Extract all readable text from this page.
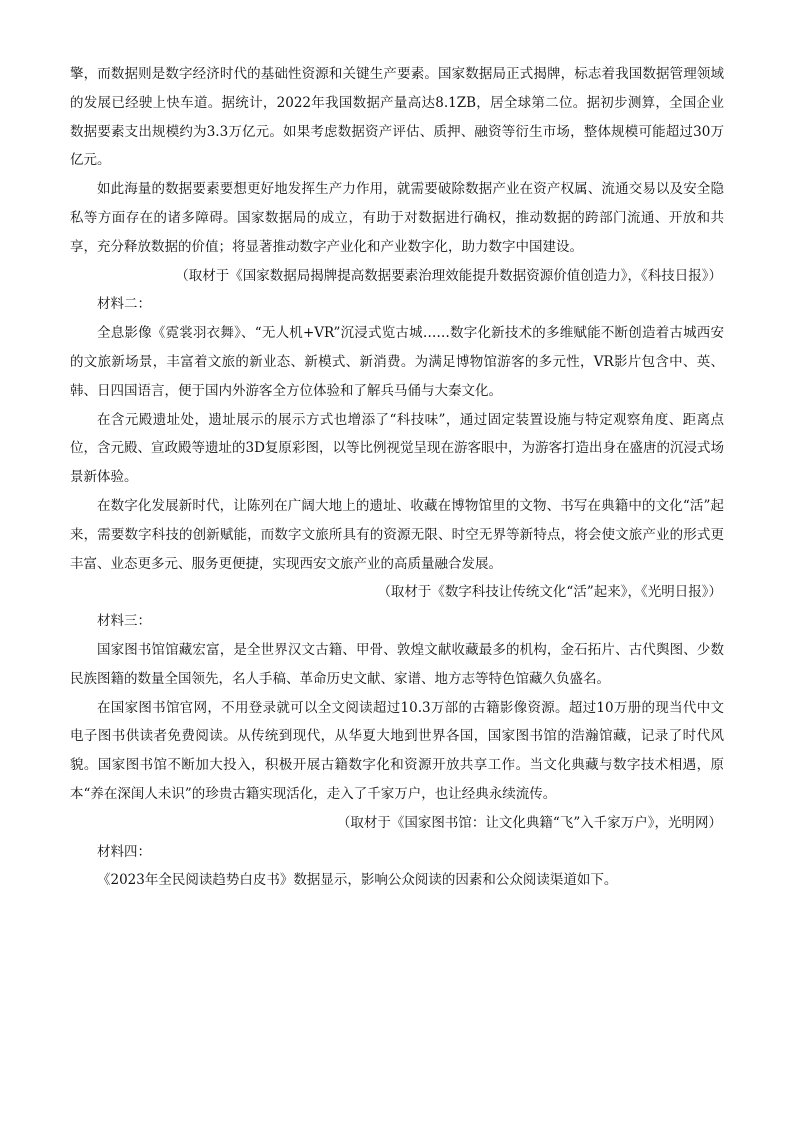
擎，而数据则是数字经济时代的基础性资源和关键生产要素。国家数据局正式揭牌，标志着我国数据管理领域的发展已经驶上快车道。据统计，2022年我国数据产量高达8.1ZB，居全球第二位。据初步测算，全国企业数据要素支出规模约为3.3万亿元。如果考虑数据资产评估、质押、融资等衍生市场，整体规模可能超过30万亿元。

如此海量的数据要素要想更好地发挥生产力作用，就需要破除数据产业在资产权属、流通交易以及安全隐私等方面存在的诸多障碍。国家数据局的成立，有助于对数据进行确权，推动数据的跨部门流通、开放和共享，充分释放数据的价值；将显著推动数字产业化和产业数字化，助力数字中国建设。

（取材于《国家数据局揭牌提高数据要素治理效能提升数据资源价值创造力》，《科技日报》）

材料二：

全息影像《霓裳羽衣舞》、“无人机+VR”沉浸式览古城……数字化新技术的多维赋能不断创造着古城西安的文旅新场景，丰富着文旅的新业态、新模式、新消费。为满足博物馆游客的多元性，VR影片包含中、英、韩、日四国语言，便于国内外游客全方位体验和了解兵马俑与大秦文化。

在含元殿遗址处，遗址展示的展示方式也增添了“科技味”，通过固定装置设施与特定观察角度、距离点位，含元殿、宣政殿等遗址的3D复原彩图，以等比例视觉呈现在游客眼中，为游客打造出身在盛唐的沉浸式场景新体验。

在数字化发展新时代，让陈列在广阔大地上的遗址、收藏在博物馆里的文物、书写在典籍中的文化“活”起来，需要数字科技的创新赋能，而数字文旅所具有的资源无限、时空无界等新特点，将会使文旅产业的形式更丰富、业态更多元、服务更便捷，实现西安文旅产业的高质量融合发展。

（取材于《数字科技让传统文化“活”起来》，《光明日报》）

材料三：

国家图书馆馆藏宏富，是全世界汉文古籍、甲骨、敦煌文献收藏最多的机构，金石拓片、古代舆图、少数民族图籍的数量全国领先，名人手稿、革命历史文献、家谱、地方志等特色馆藏久负盛名。

在国家图书馆官网，不用登录就可以全文阅读超过10.3万部的古籍影像资源。超过10万册的现当代中文电子图书供读者免费阅读。从传统到现代，从华夏大地到世界各国，国家图书馆的浩瀚馆藏，记录了时代风貌。国家图书馆不断加大投入，积极开展古籍数字化和资源开放共享工作。当文化典藏与数字技术相遇，原本“养在深闺人未识”的珍贵古籍实现活化，走入了千家万户，也让经典永续流传。

（取材于《国家图书馆：让文化典籍“飞”入千家万户》，光明网）

材料四：

《2023年全民阅读趋势白皮书》数据显示，影响公众阅读的因素和公众阅读渠道如下。
